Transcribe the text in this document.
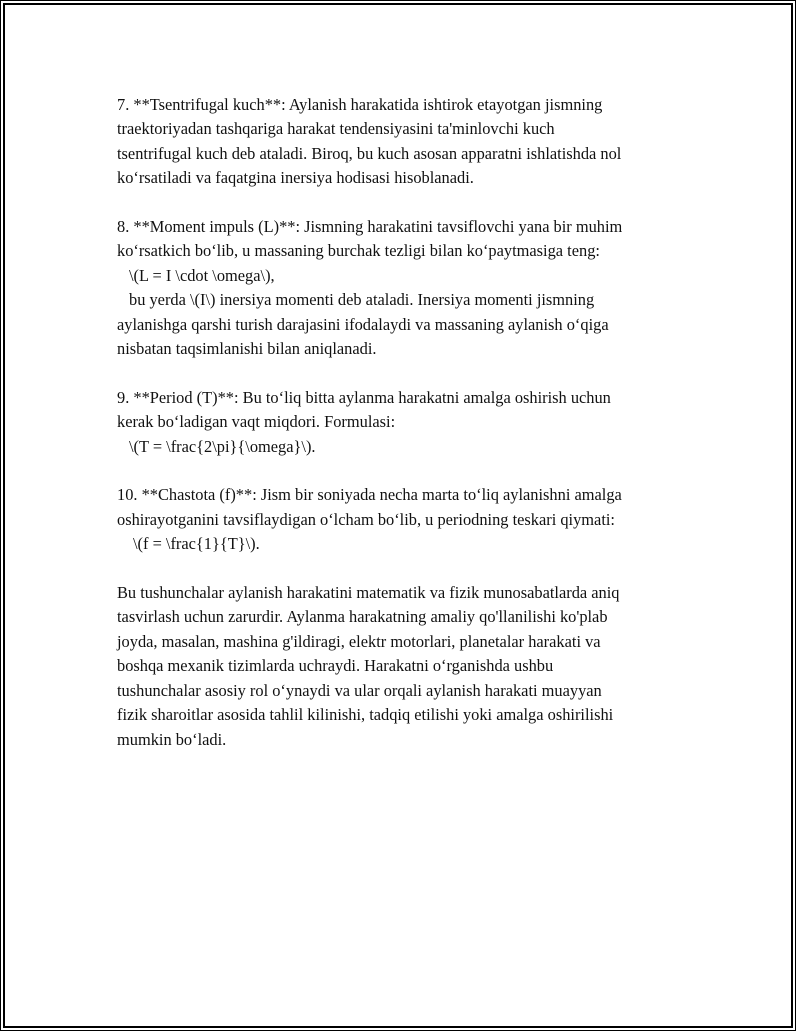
7. **Tsentrifugal kuch**: Aylanish harakatida ishtirok etayotgan jismning
traektoriyadan tashqariga harakat tendensiyasini ta'minlovchi kuch
tsentrifugal kuch deb ataladi. Biroq, bu kuch asosan apparatni ishlatishda nol
koʻrsatiladi va faqatgina inersiya hodisasi hisoblanadi.
8. **Moment impuls (L)**: Jismning harakatini tavsiflovchi yana bir muhim
koʻrsatkich boʻlib, u massaning burchak tezligi bilan koʻpaytmasiga teng:
\(L = I \cdot \omega\),
bu yerda \(I\) inersiya momenti deb ataladi. Inersiya momenti jismning
aylanishga qarshi turish darajasini ifodalaydi va massaning aylanish oʻqiga
nisbatan taqsimlanishi bilan aniqlanadi.
9. **Period (T)**: Bu toʻliq bitta aylanma harakatni amalga oshirish uchun
kerak boʻladigan vaqt miqdori. Formulasi:
\(T = \frac{2\pi}{\omega}\).
10. **Chastota (f)**: Jism bir soniyada necha marta toʻliq aylanishni amalga
oshirayotganini tavsiflaydigan oʻlcham boʻlib, u periodning teskari qiymati:
\(f = \frac{1}{T}\).
Bu tushunchalar aylanish harakatini matematik va fizik munosabatlarda aniq
tasvirlash uchun zarurdir. Aylanma harakatning amaliy qo'llanilishi ko'plab
joyda, masalan, mashina g'ildiragi, elektr motorlari, planetalar harakati va
boshqa mexanik tizimlarda uchraydi. Harakatni oʻrganishda ushbu
tushunchalar asosiy rol oʻynaydi va ular orqali aylanish harakati muayyan
fizik sharoitlar asosida tahlil kilinishi, tadqiq etilishi yoki amalga oshirilishi
mumkin boʻladi.
